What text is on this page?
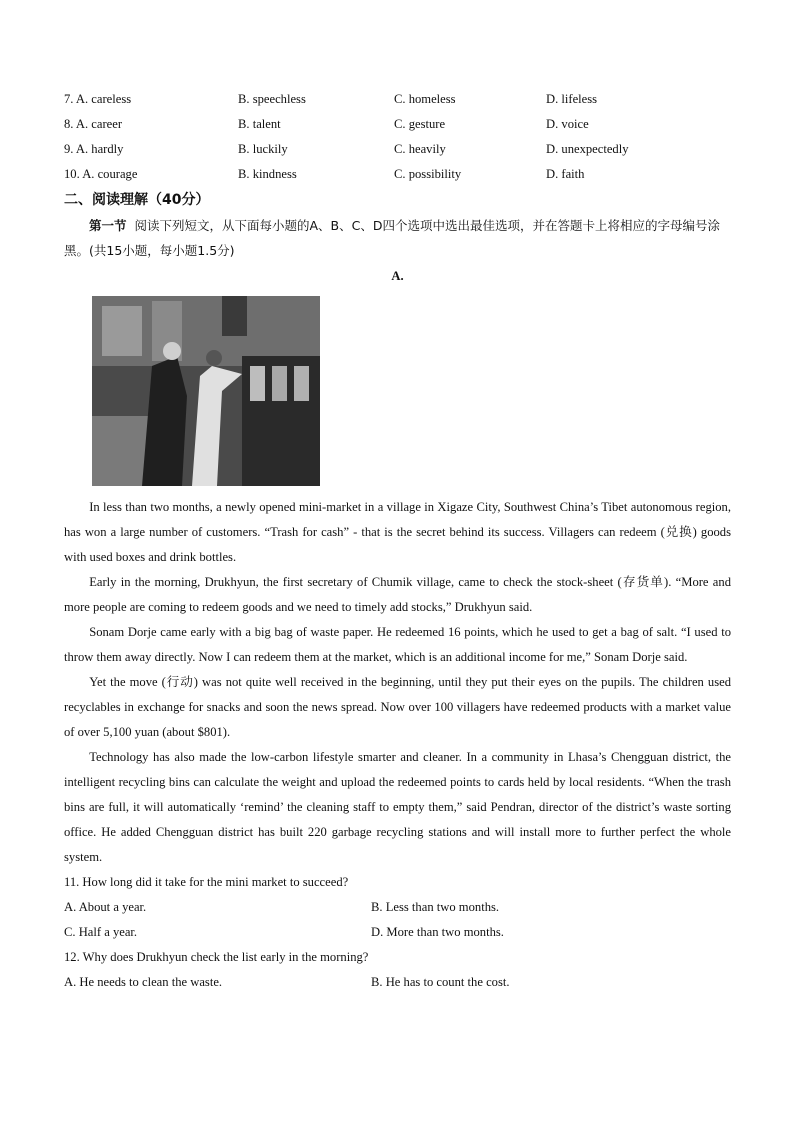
7. A. careless	B. speechless	C. homeless	D. lifeless
8. A. career	B. talent	C. gesture	D. voice
9. A. hardly	B. luckily	C. heavily	D. unexpectedly
10. A. courage	B. kindness	C. possibility	D. faith
二、阅读理解（40分）
第一节 阅读下列短文，从下面每小题的A、B、C、D四个选项中选出最佳选项，并在答题卡上将相应的字母编号涂黑。(共15小题，每小题1.5分)
A.

In less than two months, a newly opened mini-market in a village in Xigaze City, Southwest China’s Tibet autonomous region, has won a large number of customers. “Trash for cash” - that is the secret behind its success. Villagers can redeem (兑换) goods with used boxes and drink bottles.

Early in the morning, Drukhyun, the first secretary of Chumik village, came to check the stock-sheet (存货单). “More and more people are coming to redeem goods and we need to timely add stocks,” Drukhyun said.

Sonam Dorje came early with a big bag of waste paper. He redeemed 16 points, which he used to get a bag of salt. “I used to throw them away directly. Now I can redeem them at the market, which is an additional income for me,” Sonam Dorje said.

Yet the move (行动) was not quite well received in the beginning, until they put their eyes on the pupils. The children used recyclables in exchange for snacks and soon the news spread. Now over 100 villagers have redeemed products with a market value of over 5,100 yuan (about $801).

Technology has also made the low-carbon lifestyle smarter and cleaner. In a community in Lhasa’s Chengguan district, the intelligent recycling bins can calculate the weight and upload the redeemed points to cards held by local residents. “When the trash bins are full, it will automatically ‘remind’ the cleaning staff to empty them,” said Pendran, director of the district’s waste sorting office. He added Chengguan district has built 220 garbage recycling stations and will install more to further perfect the whole system.

11. How long did it take for the mini market to succeed?
A. About a year.	B. Less than two months.
C. Half a year.	D. More than two months.
12. Why does Drukhyun check the list early in the morning?
A. He needs to clean the waste.	B. He has to count the cost.
